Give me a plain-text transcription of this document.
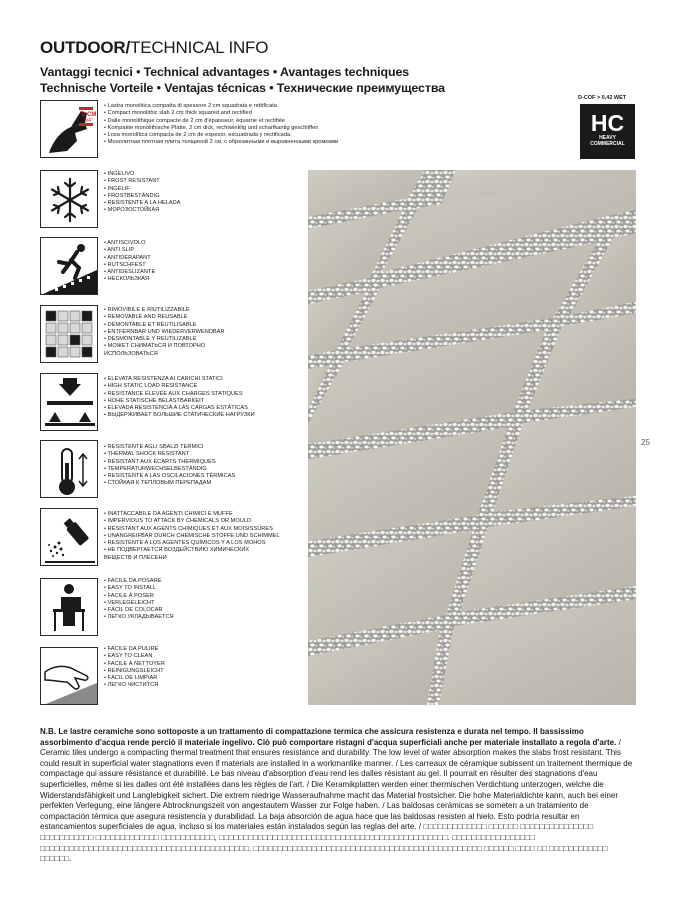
OUTDOOR/TECHNICAL INFO
Vantaggi tecnici • Technical advantages • Avantages techniques
Technische Vorteile • Ventajas técnicas • Технические преимущества
D-COF > 0,42 WET
HC
HEAVY
COMMERCIAL
2 CM
3/4"
• Lastra monolitica compatta di spessore 2 cm squadrata e rettificata
• Compact monolithic slab 2 cm thick squared and rectified
• Dalle monolithique compacte de 2 cm d'épaisseur, équarrie et rectifiée
• Kompakte monolithische Platte, 2 cm dick, rechtwinklig und scharfkantig geschliffen
• Losa monolítica compacta de 2 cm de espesor, escuadrada y rectificada.
• Монолитная плотная плита толщиной 2 см, с обрезанными и выровненными кромками
• INGELIVO
• FROST RESISTANT
• INGÉLIF
• FROSTBESTÄNDIG
• RESISTENTE A LA HELADA
• МОРОЗОСТОЙКАЯ
• ANTISCIVOLO
• ANTI SLIP
• ANTIDÉRAPANT
• RUTSCHFEST
• ANTIDESLIZANTE
• НЕСКОЛЬЗКАЯ
• RIMOVIBILE E RIUTILIZZABILE
• REMOVABLE AND REUSABLE
• DÉMONTABLE ET RÉUTILISABLE
• ENTFERNBAR UND WIEDERVERWENDBAR
• DESMONTABLE Y REUTILIZABLE
• МОЖЕТ СНИМАТЬСЯ И ПОВТОРНО
ИСПОЛЬЗОВАТЬСЯ
• ELEVATA RESISTENZA AI CARICHI STATICI
• HIGH STATIC LOAD RESISTANCE
• RÉSISTANCE ÉLEVÉE AUX CHARGES STATIQUES
• HOHE STATISCHE BELASTBARKEIT
• ELEVADA RESISTENCIA A LAS CARGAS ESTÁTICAS
• ВЫДЕРЖИВАЕТ БОЛЬШИЕ СТАТИЧЕСКИЕ НАГРУЗКИ
• RESISTENTE AGLI SBALZI TERMICI
• THERMAL SHOCK RESISTANT
• RÉSISTANT AUX ÉCARTS THERMIQUES
• TEMPERATURWECHSELBESTÄNDIG
• RESISTENTE A LAS OSCILACIONES TÉRMICAS
• СТОЙКАЯ К ТЕПЛОВЫМ ПЕРЕПАДАМ
• INATTACCABILE DA AGENTI CHIMICI E MUFFE
• IMPERVIOUS TO ATTACK BY CHEMICALS OR MOULD
• RÉSISTANT AUX AGENTS CHIMIQUES ET AUX MOISISSURES
• UNANGREIFBAR DURCH CHEMISCHE STOFFE UND SCHIMMEL
• RESISTENTE A LOS AGENTES QUÍMICOS Y A LOS MOHOS
• НЕ ПОДВЕРГАЕТСЯ ВОЗДЕЙСТВИЮ ХИМИЧЕСКИХ
ВЕЩЕСТВ И ПЛЕСЕНИ
• FACILE DA POSARE
• EASY TO INSTALL
• FACILE À POSER
• VERLEGELEICHT
• FÁCIL DE COLOCAR
• ЛЕГКО УКЛАДЫВАЕТСЯ
• FACILE DA PULIRE
• EASY TO CLEAN
• FACILE À NETTOYER
• REINIGUNGSLEICHT
• FÁCIL DE LIMPIAR
• ЛЕГКО ЧИСТИТСЯ
25
N.B. Le lastre ceramiche sono sottoposte a un trattamento di compattazione termica che assicura resistenza e durata nel tempo. Il bassissimo assorbimento d'acqua rende perciò il materiale ingelivo. Ciò può comportare ristagni d'acqua superficiali anche per materiale installato a regola d'arte. / Ceramic tiles undergo a compacting thermal treatment that ensures resistance and durability. The low level of water absorption makes the slabs frost resistant. This could result in superficial water stagnations even if materials are installed in a workmanlike manner. / Les carreaux de céramique subissent un traitement thermique de compactage qui assure résistance et durabilité. Le bas niveau d'absorption d'eau rend les dalles résistant au gel. Il pourrait en résulter des stagnations d'eau superficielles, même si les dalles ont été installées dans les règles de l'art. / Die Keramikplatten werden einer thermischen Verdichtung unterzogen, welche die Widerstandsfähigkeit und Langlebigkeit sichert. Die extrem niedrige Wasseraufnahme macht das Material frostsicher. Die hohe Materialdichte kann, auch bei einer perfekten Verlegung, eine längere Abtrocknungszeit von angestautem Wasser zur Folge haben. / Las baldosas cerámicas se someten a un tratamiento de compactación térmica que asegura resistencia y durabilidad. La baja absorción de agua hace que las baldosas resisten al hielo. Esto podría resultar en estancamientos superficiales de agua, incluso si los materiales están instalados según las reglas del arte. / □□□□□□□□□□□□□ □□□□□□ □□□□□□□□□□□□□□□ □□□□□□□□□□□ □□□□□□□□□□□□□ □□□□□□□□□□□, □□□□□□□□□□□□□□□□□□□□□□□□□□□□□□□□□□□□□□□□□□□□□□□. □□□□□□□□□□□□□□□□□ □□□□□□□□□□□□□□□□□□□□□□□□□□□□□□□□□□□□□□□□□□□. □□□□□□□□□□□□□□□□□□□□□□□□□□□□□□□□□□□□□□□□□□□□□□□ □□□□□□ □□□□ □□ □□□□□□□□□□□□ □□□□□□.
